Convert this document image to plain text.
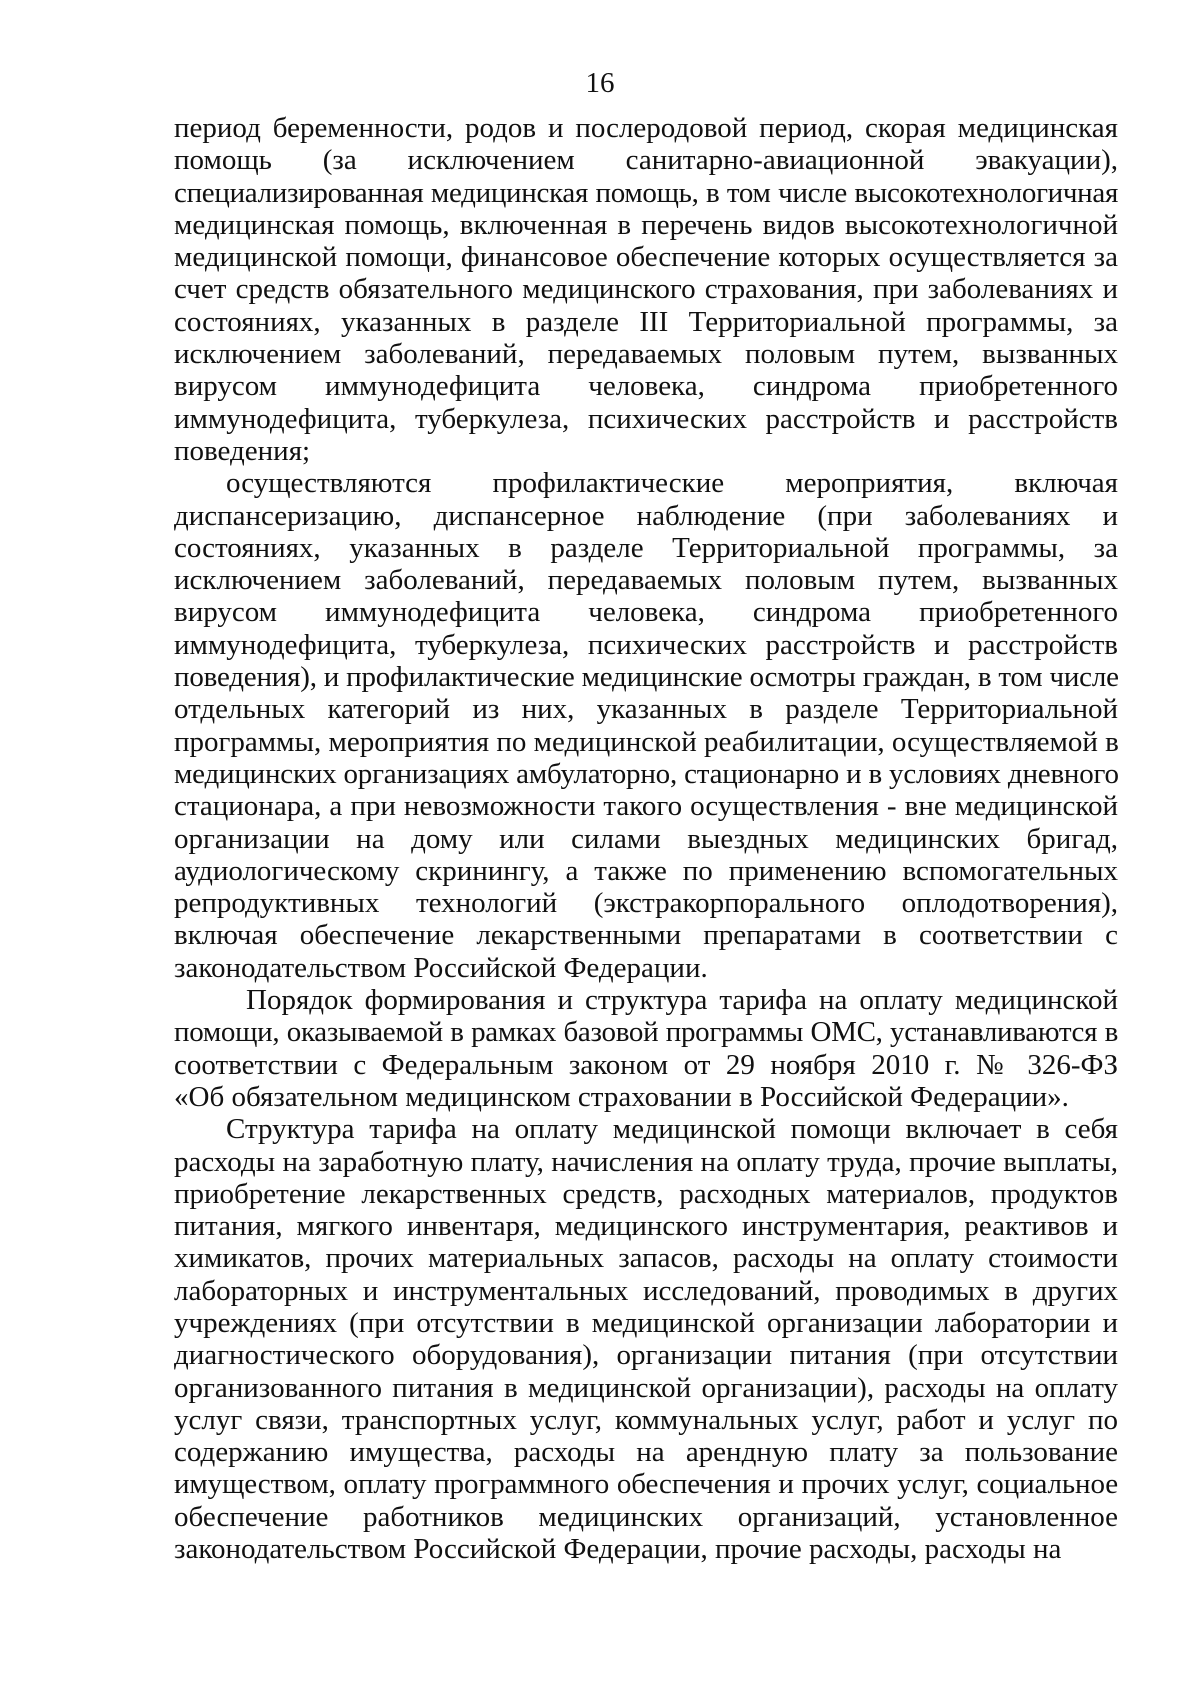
16
период беременности, родов и послеродовой период, скорая медицинская
помощь (за исключением санитарно-авиационной эвакуации),
специализированная медицинская помощь, в том числе высокотехнологичная
медицинская помощь, включенная в перечень видов высокотехнологичной
медицинской помощи, финансовое обеспечение которых осуществляется за
счет средств обязательного медицинского страхования, при заболеваниях и
состояниях, указанных в разделе III Территориальной программы, за
исключением заболеваний, передаваемых половым путем, вызванных
вирусом иммунодефицита человека, синдрома приобретенного
иммунодефицита, туберкулеза, психических расстройств и расстройств
поведения;
осуществляются профилактические мероприятия, включая
диспансеризацию, диспансерное наблюдение (при заболеваниях и
состояниях, указанных в разделе Территориальной программы, за
исключением заболеваний, передаваемых половым путем, вызванных
вирусом иммунодефицита человека, синдрома приобретенного
иммунодефицита, туберкулеза, психических расстройств и расстройств
поведения), и профилактические медицинские осмотры граждан, в том числе
отдельных категорий из них, указанных в разделе Территориальной
программы, мероприятия по медицинской реабилитации, осуществляемой в
медицинских организациях амбулаторно, стационарно и в условиях дневного
стационара, а при невозможности такого осуществления - вне медицинской
организации на дому или силами выездных медицинских бригад,
аудиологическому скринингу, а также по применению вспомогательных
репродуктивных технологий (экстракорпорального оплодотворения),
включая обеспечение лекарственными препаратами в соответствии с
законодательством Российской Федерации.
Порядок формирования и структура тарифа на оплату медицинской
помощи, оказываемой в рамках базовой программы ОМС, устанавливаются в
соответствии с Федеральным законом от 29 ноября 2010 г. № 326-ФЗ
«Об обязательном медицинском страховании в Российской Федерации».
Структура тарифа на оплату медицинской помощи включает в себя
расходы на заработную плату, начисления на оплату труда, прочие выплаты,
приобретение лекарственных средств, расходных материалов, продуктов
питания, мягкого инвентаря, медицинского инструментария, реактивов и
химикатов, прочих материальных запасов, расходы на оплату стоимости
лабораторных и инструментальных исследований, проводимых в других
учреждениях (при отсутствии в медицинской организации лаборатории и
диагностического оборудования), организации питания (при отсутствии
организованного питания в медицинской организации), расходы на оплату
услуг связи, транспортных услуг, коммунальных услуг, работ и услуг по
содержанию имущества, расходы на арендную плату за пользование
имуществом, оплату программного обеспечения и прочих услуг, социальное
обеспечение работников медицинских организаций, установленное
законодательством Российской Федерации, прочие расходы, расходы на
